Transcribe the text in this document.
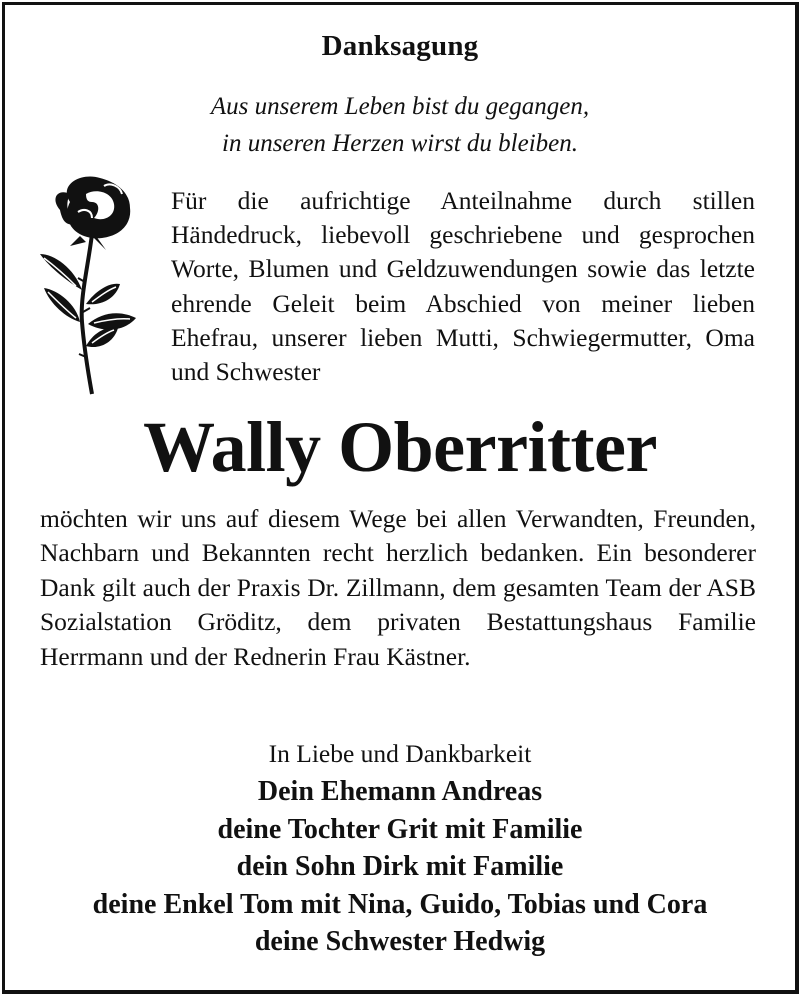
Danksagung
Aus unserem Leben bist du gegangen,
in unseren Herzen wirst du bleiben.
Für die aufrichtige Anteilnahme durch stillen Händedruck, liebevoll geschriebene und gesprochen Worte, Blumen und Geldzuwendungen sowie das letzte ehrende Geleit beim Abschied von meiner lieben Ehefrau, unserer lieben Mutti, Schwiegermutter, Oma und Schwester
Wally Oberritter
möchten wir uns auf diesem Wege bei allen Verwandten, Freunden, Nachbarn und Bekannten recht herzlich bedanken. Ein besonderer Dank gilt auch der Praxis Dr. Zillmann, dem gesamten Team der ASB Sozialstation Gröditz, dem privaten Bestattungshaus Familie Herrmann und der Rednerin Frau Kästner.
In Liebe und Dankbarkeit
Dein Ehemann Andreas
deine Tochter Grit mit Familie
dein Sohn Dirk mit Familie
deine Enkel Tom mit Nina, Guido, Tobias und Cora
deine Schwester Hedwig
